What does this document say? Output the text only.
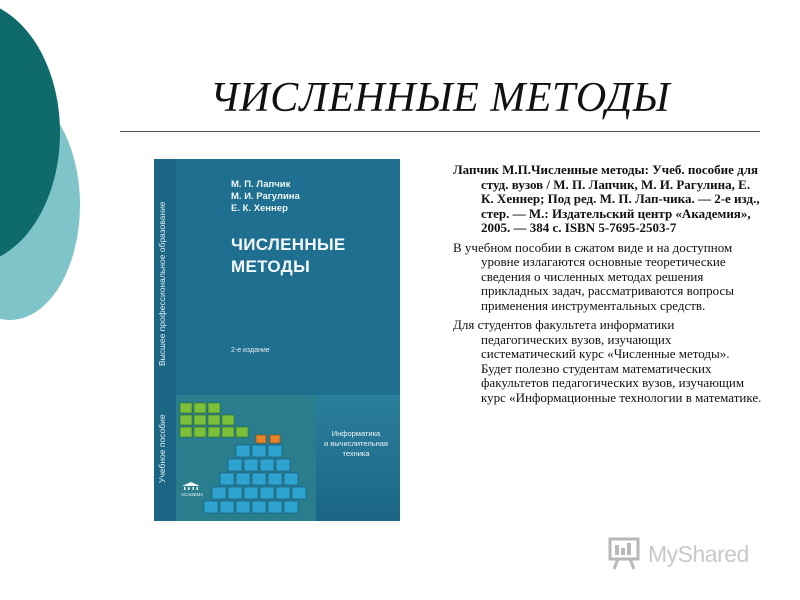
ЧИСЛЕННЫЕ МЕТОДЫ
Высшее профессиональное образование
Учебное пособие
М. П. Лапчик
М. И. Рагулина
Е. К. Хеннер
ЧИСЛЕННЫЕ
МЕТОДЫ
2-е издание
Информатика
и вычислительная
техника
ACADEMA

Лапчик М.П.Численные методы: Учеб. пособие для студ. вузов / М. П. Лапчик, М. И. Рагулина, Е. К. Хеннер; Под ред. М. П. Лап-чика. — 2-е изд., стер. — М.: Издательский центр «Академия», 2005. — 384 с. ISBN 5-7695-2503-7

В учебном пособии в сжатом виде и на доступном уровне излагаются основные теоретические сведения о численных методах решения прикладных задач, рассматриваются вопросы применения инструментальных средств.

Для студентов факультета информатики педагогических вузов, изучающих систематический курс «Численные методы». Будет полезно студентам математических факультетов педагогических вузов, изучающим курс «Информационные технологии в математике.

MyShared
